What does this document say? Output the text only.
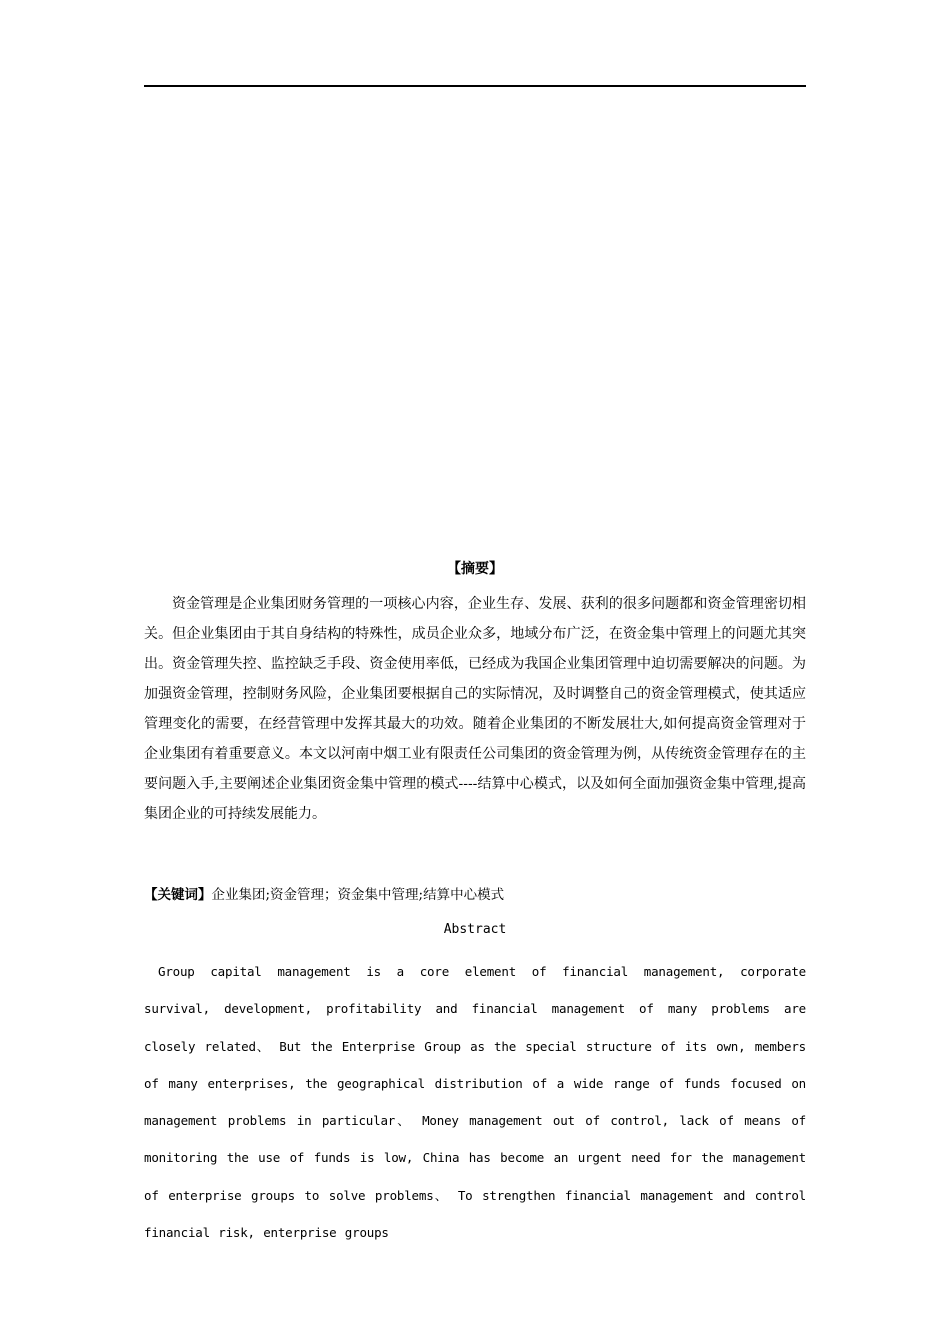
【摘要】

资金管理是企业集团财务管理的一项核心内容，企业生存、发展、获利的很多问题都和资金管理密切相关。但企业集团由于其自身结构的特殊性，成员企业众多，地域分布广泛，在资金集中管理上的问题尤其突出。资金管理失控、监控缺乏手段、资金使用率低，已经成为我国企业集团管理中迫切需要解决的问题。为加强资金管理，控制财务风险，企业集团要根据自己的实际情况，及时调整自己的资金管理模式，使其适应管理变化的需要，在经营管理中发挥其最大的功效。随着企业集团的不断发展壮大,如何提高资金管理对于企业集团有着重要意义。本文以河南中烟工业有限责任公司集团的资金管理为例，从传统资金管理存在的主要问题入手,主要阐述企业集团资金集中管理的模式----结算中心模式，以及如何全面加强资金集中管理,提高集团企业的可持续发展能力。

【关键词】企业集团;资金管理；资金集中管理;结算中心模式
Abstract

Group capital management is a core element of financial management, corporate survival, development, profitability and financial management of many problems are closely related、 But the Enterprise Group as the special structure of its own, members of many enterprises, the geographical distribution of a wide range of funds focused on management problems in particular、 Money management out of control, lack of means of monitoring the use of funds is low, China has become an urgent need for the management of enterprise groups to solve problems、 To strengthen financial management and control financial risk, enterprise groups
